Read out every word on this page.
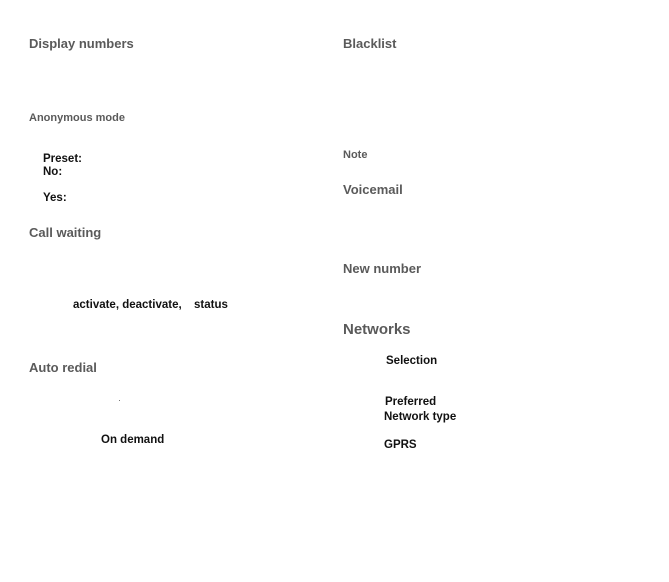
Display numbers
Anonymous mode
Preset:
No:
Yes:
Call waiting
activate, deactivate, status
Auto redial
On demand
Blacklist
Note
Voicemail
New number
Networks
Selection
Preferred
Network type
GPRS
